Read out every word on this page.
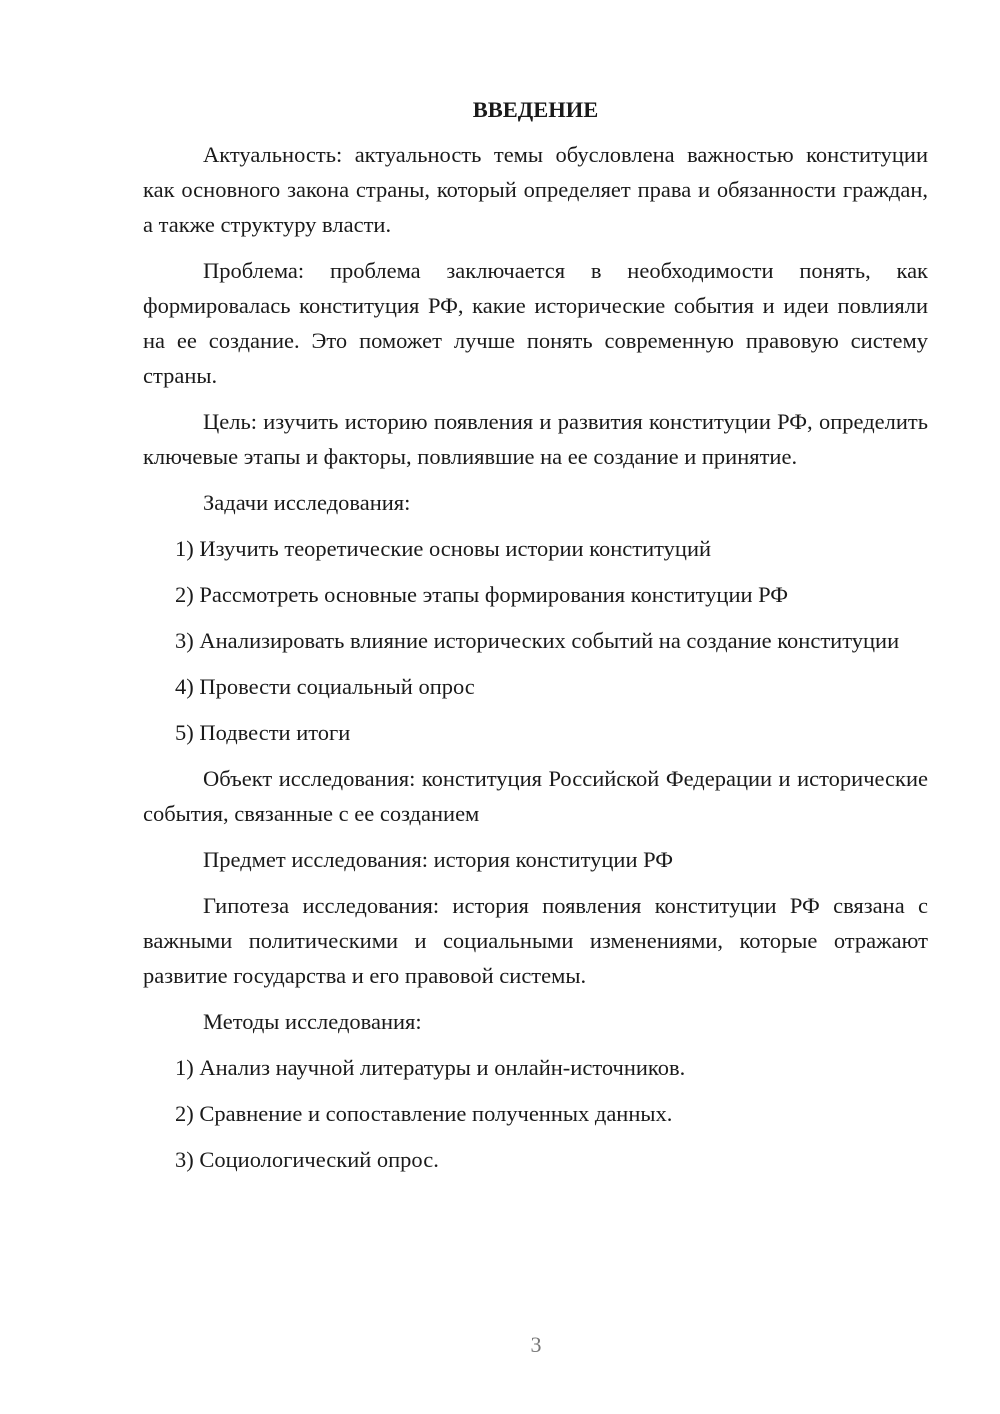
ВВЕДЕНИЕ

Актуальность: актуальность темы обусловлена важностью конституции как основного закона страны, который определяет права и обязанности граждан, а также структуру власти.

Проблема: проблема заключается в необходимости понять, как формировалась конституция РФ, какие исторические события и идеи повлияли на ее создание. Это поможет лучше понять современную правовую систему страны.

Цель: изучить историю появления и развития конституции РФ, определить ключевые этапы и факторы, повлиявшие на ее создание и принятие.

Задачи исследования:

1) Изучить теоретические основы истории конституций

2) Рассмотреть основные этапы формирования конституции РФ

3) Анализировать влияние исторических событий на создание конституции

4) Провести социальный опрос

5) Подвести итоги

Объект исследования: конституция Российской Федерации и исторические события, связанные с ее созданием

Предмет исследования: история конституции РФ

Гипотеза исследования: история появления конституции РФ связана с важными политическими и социальными изменениями, которые отражают развитие государства и его правовой системы.

Методы исследования:

1) Анализ научной литературы и онлайн-источников.

2) Сравнение и сопоставление полученных данных.

3) Социологический опрос.

3
